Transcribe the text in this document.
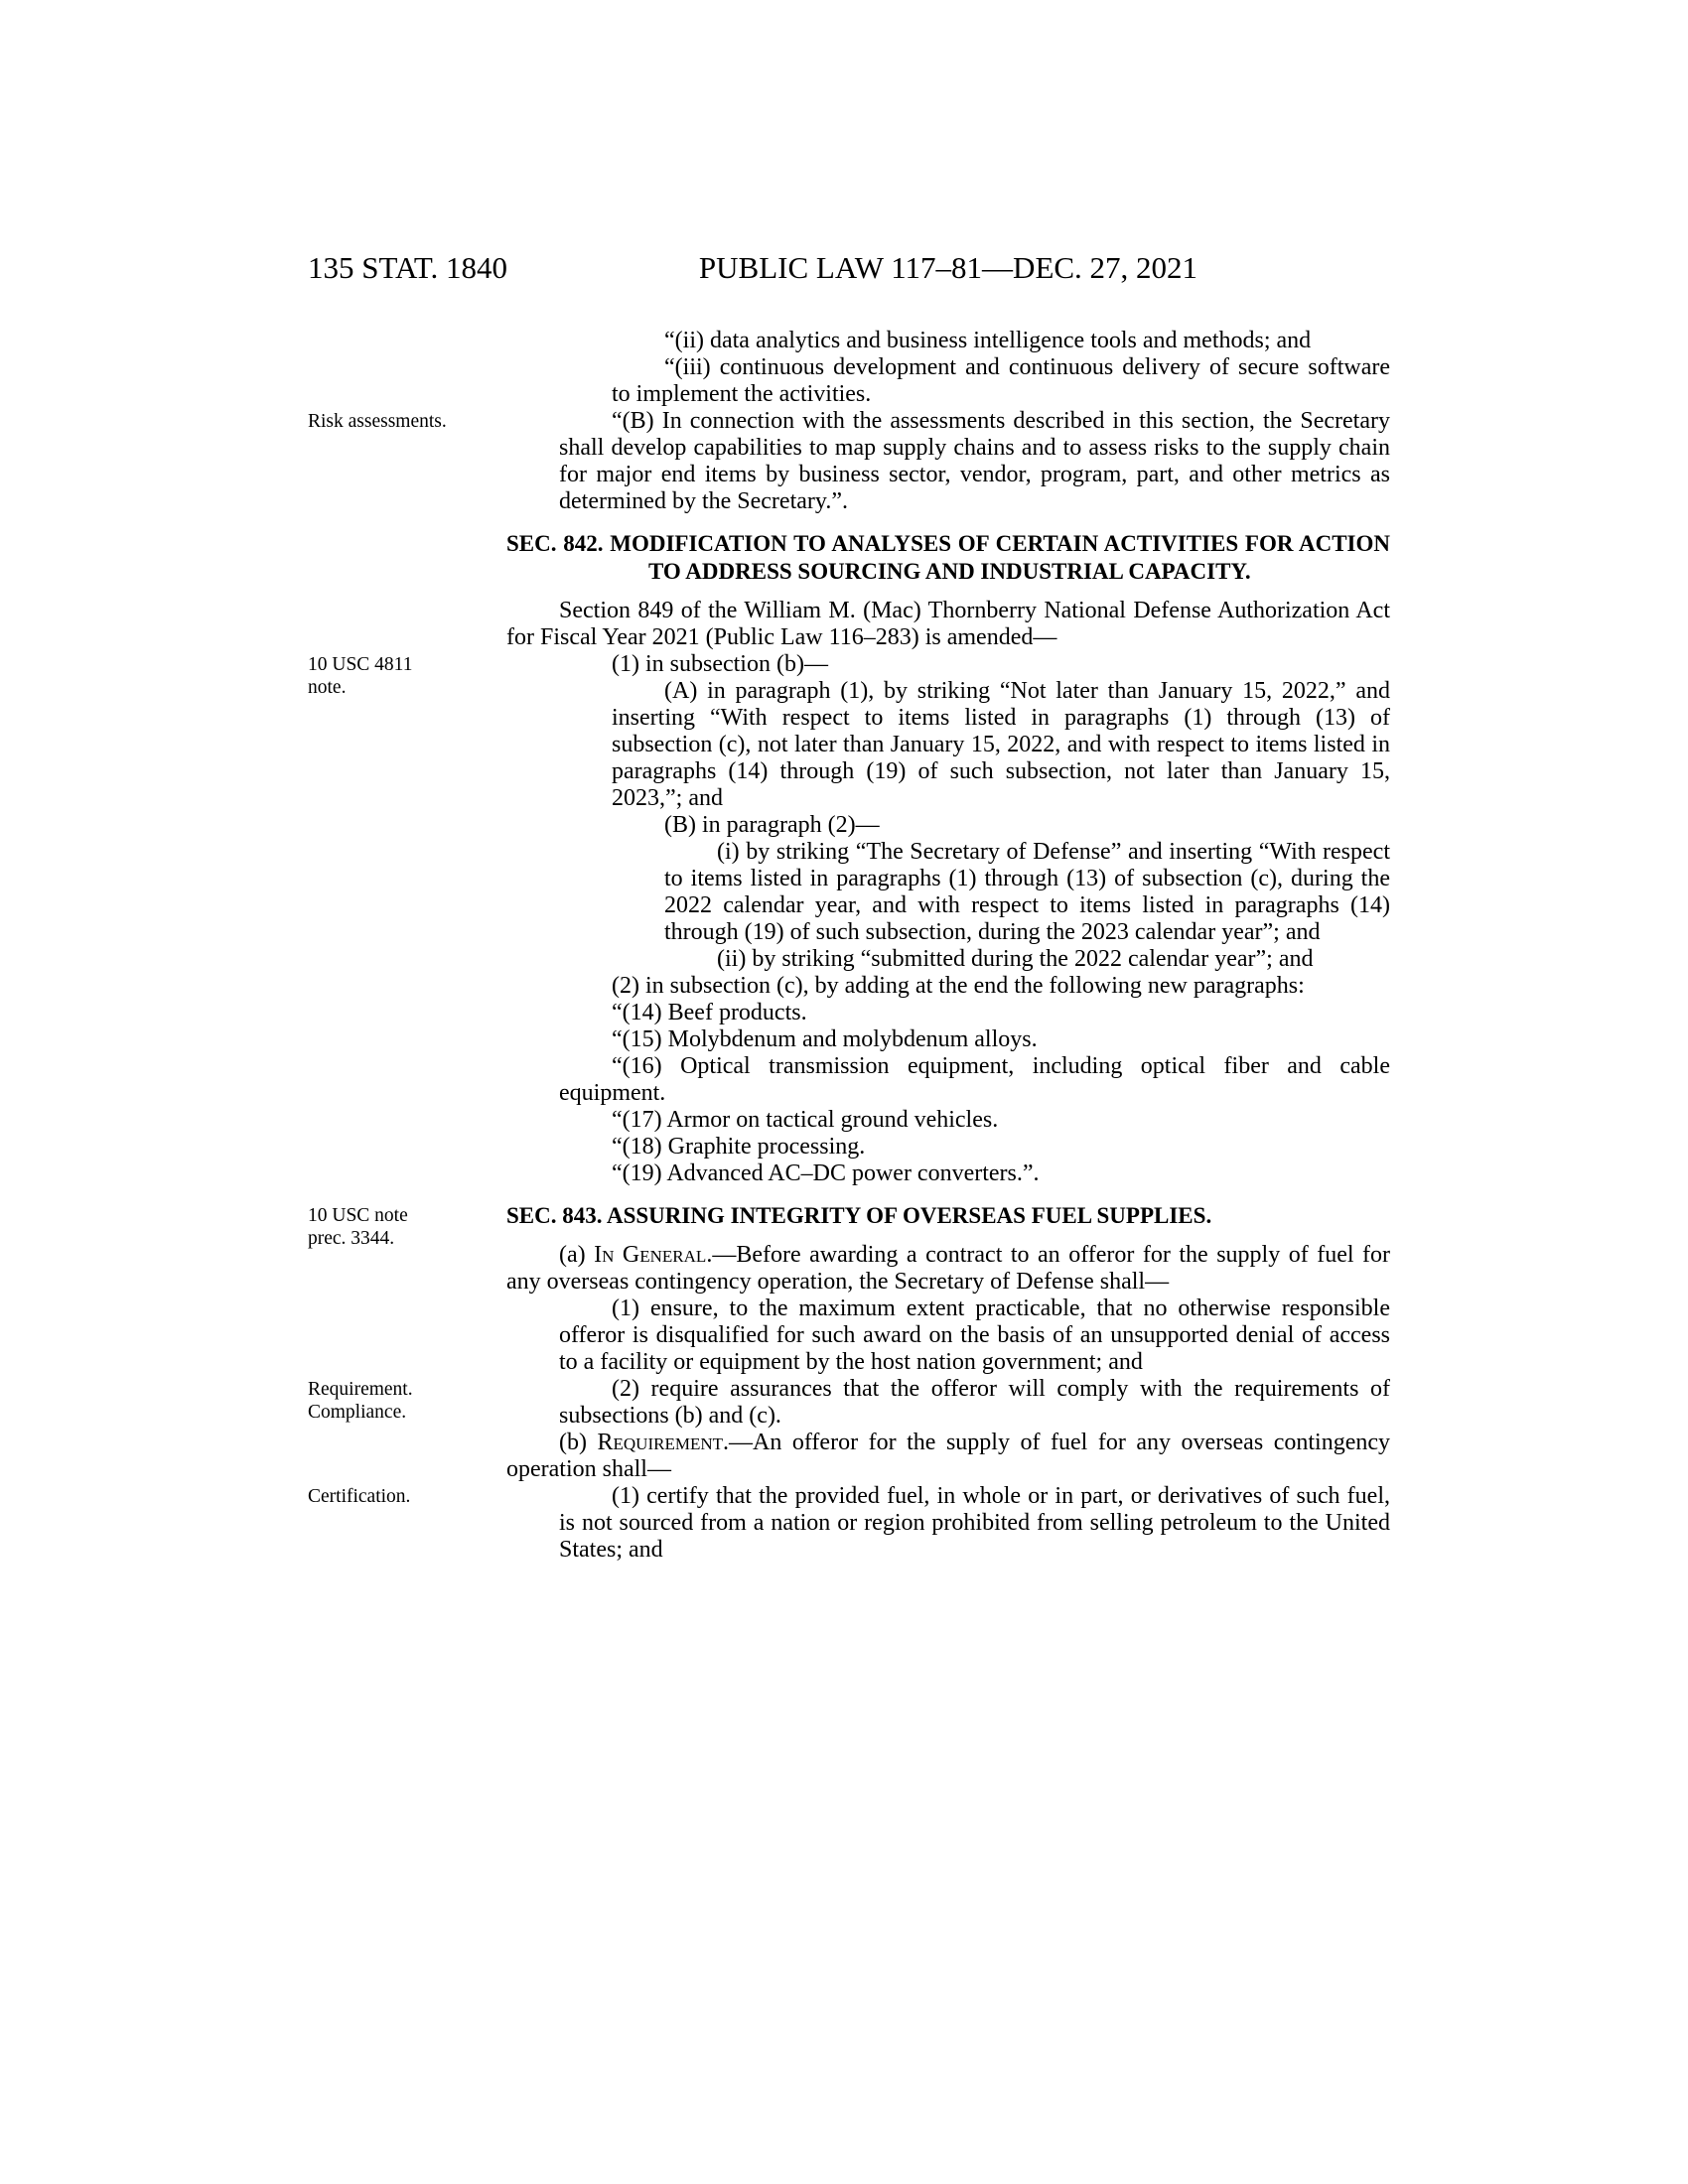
135 STAT. 1840	PUBLIC LAW 117–81—DEC. 27, 2021

“(ii) data analytics and business intelligence tools and methods; and

“(iii) continuous development and continuous delivery of secure software to implement the activities.

Risk assessments.	“(B) In connection with the assessments described in this section, the Secretary shall develop capabilities to map supply chains and to assess risks to the supply chain for major end items by business sector, vendor, program, part, and other metrics as determined by the Secretary.”.

SEC. 842. MODIFICATION TO ANALYSES OF CERTAIN ACTIVITIES FOR ACTION TO ADDRESS SOURCING AND INDUSTRIAL CAPACITY.

10 USC 4811 note.

Section 849 of the William M. (Mac) Thornberry National Defense Authorization Act for Fiscal Year 2021 (Public Law 116–283) is amended—

(1) in subsection (b)—

(A) in paragraph (1), by striking “Not later than January 15, 2022,” and inserting “With respect to items listed in paragraphs (1) through (13) of subsection (c), not later than January 15, 2022, and with respect to items listed in paragraphs (14) through (19) of such subsection, not later than January 15, 2023,”; and

(B) in paragraph (2)—

(i) by striking “The Secretary of Defense” and inserting “With respect to items listed in paragraphs (1) through (13) of subsection (c), during the 2022 calendar year, and with respect to items listed in paragraphs (14) through (19) of such subsection, during the 2023 calendar year”; and

(ii) by striking “submitted during the 2022 calendar year”; and

(2) in subsection (c), by adding at the end the following new paragraphs:

“(14) Beef products.

“(15) Molybdenum and molybdenum alloys.

“(16) Optical transmission equipment, including optical fiber and cable equipment.

“(17) Armor on tactical ground vehicles.

“(18) Graphite processing.

“(19) Advanced AC–DC power converters.”.

10 USC note prec. 3344.

SEC. 843. ASSURING INTEGRITY OF OVERSEAS FUEL SUPPLIES.

(a) In General.—Before awarding a contract to an offeror for the supply of fuel for any overseas contingency operation, the Secretary of Defense shall—

(1) ensure, to the maximum extent practicable, that no otherwise responsible offeror is disqualified for such award on the basis of an unsupported denial of access to a facility or equipment by the host nation government; and

Requirement. Compliance.

(2) require assurances that the offeror will comply with the requirements of subsections (b) and (c).

(b) Requirement.—An offeror for the supply of fuel for any overseas contingency operation shall—

Certification.	(1) certify that the provided fuel, in whole or in part, or derivatives of such fuel, is not sourced from a nation or region prohibited from selling petroleum to the United States; and
